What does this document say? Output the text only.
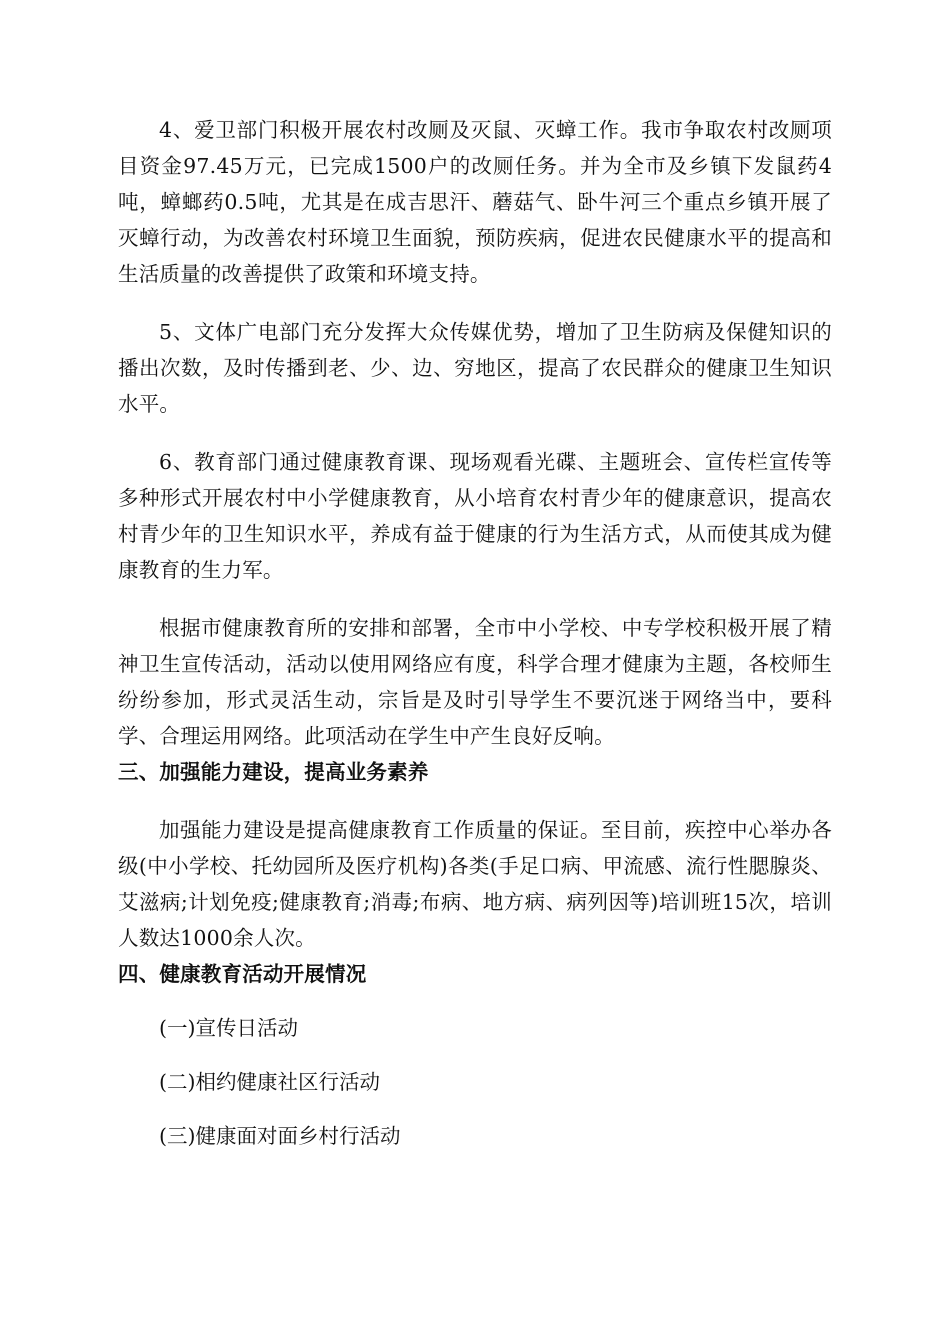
4、爱卫部门积极开展农村改厕及灭鼠、灭蟑工作。我市争取农村改厕项目资金97.45万元，已完成1500户的改厕任务。并为全市及乡镇下发鼠药4吨，蟑螂药0.5吨，尤其是在成吉思汗、蘑菇气、卧牛河三个重点乡镇开展了灭蟑行动，为改善农村环境卫生面貌，预防疾病，促进农民健康水平的提高和生活质量的改善提供了政策和环境支持。

5、文体广电部门充分发挥大众传媒优势，增加了卫生防病及保健知识的播出次数，及时传播到老、少、边、穷地区，提高了农民群众的健康卫生知识水平。

6、教育部门通过健康教育课、现场观看光碟、主题班会、宣传栏宣传等多种形式开展农村中小学健康教育，从小培育农村青少年的健康意识，提高农村青少年的卫生知识水平，养成有益于健康的行为生活方式，从而使其成为健康教育的生力军。

根据市健康教育所的安排和部署，全市中小学校、中专学校积极开展了精神卫生宣传活动，活动以使用网络应有度，科学合理才健康为主题，各校师生纷纷参加，形式灵活生动，宗旨是及时引导学生不要沉迷于网络当中，要科学、合理运用网络。此项活动在学生中产生良好反响。

三、加强能力建设，提高业务素养

加强能力建设是提高健康教育工作质量的保证。至目前，疾控中心举办各级(中小学校、托幼园所及医疗机构)各类(手足口病、甲流感、流行性腮腺炎、艾滋病;计划免疫;健康教育;消毒;布病、地方病、病列因等)培训班15次，培训人数达1000余人次。

四、健康教育活动开展情况

(一)宣传日活动

(二)相约健康社区行活动

(三)健康面对面乡村行活动
